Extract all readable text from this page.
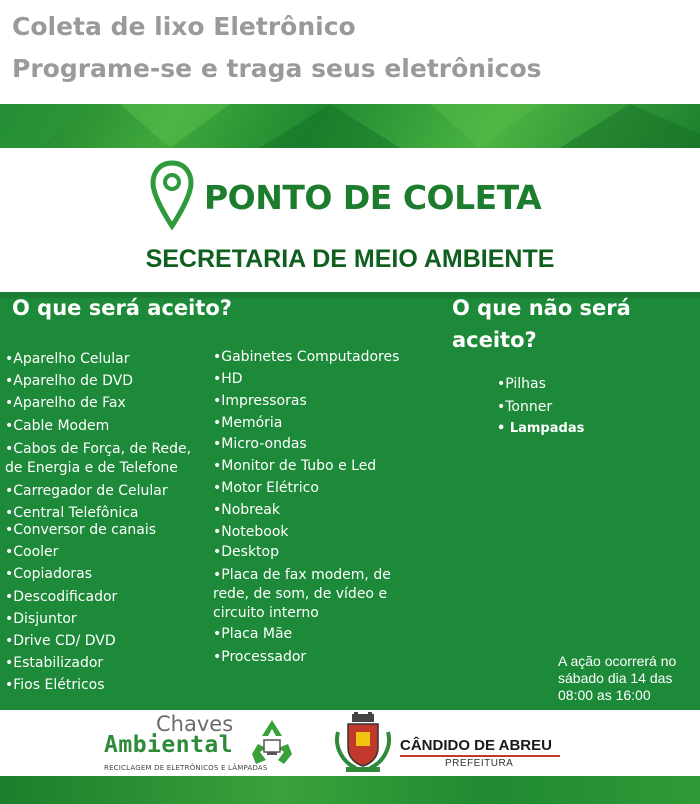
Coleta de lixo Eletrônico
Programe-se e traga seus eletrônicos
PONTO DE COLETA
SECRETARIA DE MEIO AMBIENTE
O que será aceito?	O que não será aceito?
•Aparelho Celular
•Aparelho de DVD
•Aparelho de Fax
•Cable Modem
•Cabos de Força, de Rede, de Energia e de Telefone
•Carregador de Celular
•Central Telefônica
•Conversor de canais
•Cooler
•Copiadoras
•Descodificador
•Disjuntor
•Drive CD/ DVD
•Estabilizador
•Fios Elétricos
•Gabinetes Computadores
•HD
•Impressoras
•Memória
•Micro-ondas
•Monitor de Tubo e Led
•Motor Elétrico
•Nobreak
•Notebook
•Desktop
•Placa de fax modem, de rede, de som, de vídeo e circuito interno
•Placa Mãe
•Processador
•Pilhas
•Tonner
• Lampadas
A ação ocorrerá no sábado dia 14 das 08:00 as 16:00
Chaves
Ambiental
RECICLAGEM DE ELETRÔNICOS E LÂMPADAS
CÂNDIDO DE ABREU
PREFEITURA
